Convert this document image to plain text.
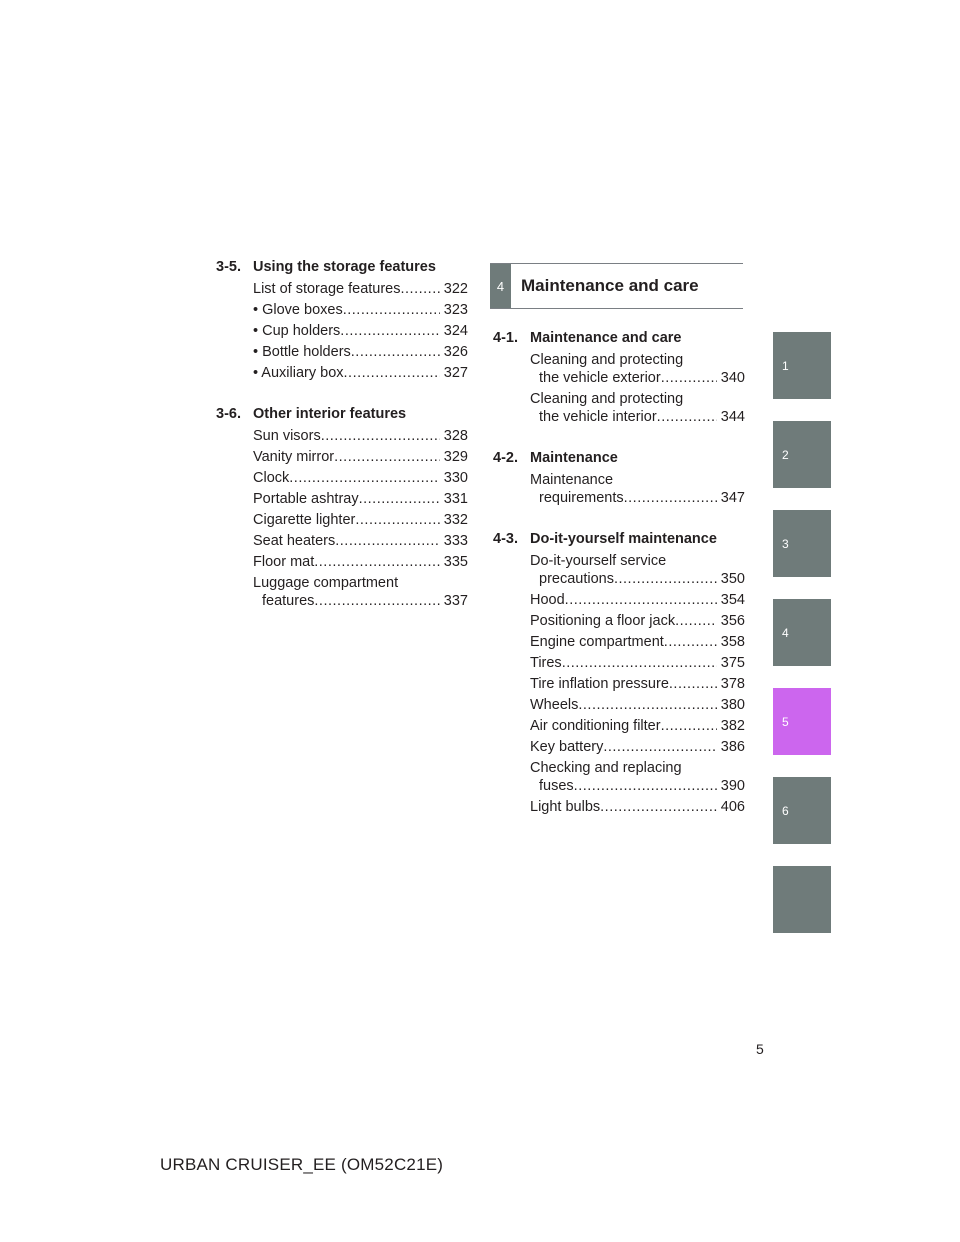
3-5. Using the storage features
List of storage features .....	322
• Glove boxes .....	323
• Cup holders .....	324
• Bottle holders .....	326
• Auxiliary box .....	327
3-6. Other interior features
Sun visors .....	328
Vanity mirror .....	329
Clock .....	330
Portable ashtray .....	331
Cigarette lighter .....	332
Seat heaters .....	333
Floor mat .....	335
Luggage compartment
features .....	337
4 Maintenance and care
4-1. Maintenance and care
Cleaning and protecting
the vehicle exterior .....	340
Cleaning and protecting
the vehicle interior .....	344
4-2. Maintenance
Maintenance
requirements .....	347
4-3. Do-it-yourself maintenance
Do-it-yourself service
precautions .....	350
Hood .....	354
Positioning a floor jack .....	356
Engine compartment .....	358
Tires .....	375
Tire inflation pressure .....	378
Wheels .....	380
Air conditioning filter .....	382
Key battery .....	386
Checking and replacing
fuses .....	390
Light bulbs .....	406
1
2
3
4
5
6
5
URBAN CRUISER_EE (OM52C21E)
